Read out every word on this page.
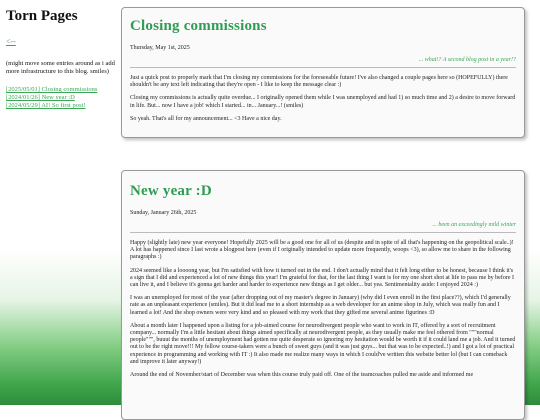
Torn Pages
<--
(might move some entries around as i add more infrastructure to this blog. smiles)
[2025/05/01] Closing commissions
[2024/01/26] New year :D
[2024/05/29] AI! So first post!
Closing commissions
Thursday, May 1st, 2025
... what!? A second blog post in a year!?

Just a quick post to properly mark that I'm closing my commissions for the foreseeable future! I've also changed a couple pages here so (HOPEFULLY) there shouldn't be any text left indicating that they're open - I like to keep the message clear :)

Closing my commissions is actually quite overdue... I originally opened them while I was unemployed and had 1) so much time and 2) a desire to move forward in life. But... now I have a job! which I started... in... January...! (smiles)

So yeah. That's all for my announcement... <3 Have a nice day.

New year :D
Sunday, January 26th, 2025
... been an exceedingly mild winter

Happy (slightly late) new year everyone! Hopefully 2025 will be a good one for all of us (despite and in spite of all that's happening on the geopolitical scale..)! A lot has happened since I last wrote a blogpost here (even if I originally intended to update more frequently, woops <3), so allow me to share in the following paragraphs :)

2024 seemed like a loooong year, but I'm satisfied with how it turned out in the end. I don't actually mind that it felt long either to be honest, because I think it's a sign that I did and experienced a lot of new things this year! I'm grateful for that, for the last thing I want is for my one short shot at life to pass me by before I can live it, and I believe it's gonna get harder and harder to experience new things as I get older... but yea. Sentimentality aside: I enjoyed 2024 :)

I was an unemployed for most of the year (after dropping out of my master's degree in January) (why did I even enroll in the first place??), which I'd generally rate as an unpleasant experience (smiles). But it did lead me to a short internship as a web developer for an anime shop in July, which was really fun and I learned a lot! And the shop owners were very kind and so pleased with my work that they gifted me several anime figurines :D

About a month later I happened upon a listing for a job-aimed course for neurodivergent people who want to work in IT, offered by a sort of recruitment company... normally I'm a little hesitant about things aimed specifically at neurodivergent people, as they usually make me feel othered from """normal people""", buuut the months of unemployment had gotten me quite desperate so ignoring my hesitation would be worth it if it could land me a job. And it turned out to be the right move!!! My fellow course-takers were a bunch of sweet guys (and it was just guys... but that was to be expected..!) and I got a lot of practical experience in programming and working with IT :) It also made me realize many ways in which I could've written this website better lol (but I can comeback and improve it later anyway!)

Around the end of November/start of December was when this course truly paid off. One of the teamcoaches pulled me aside and informed me
